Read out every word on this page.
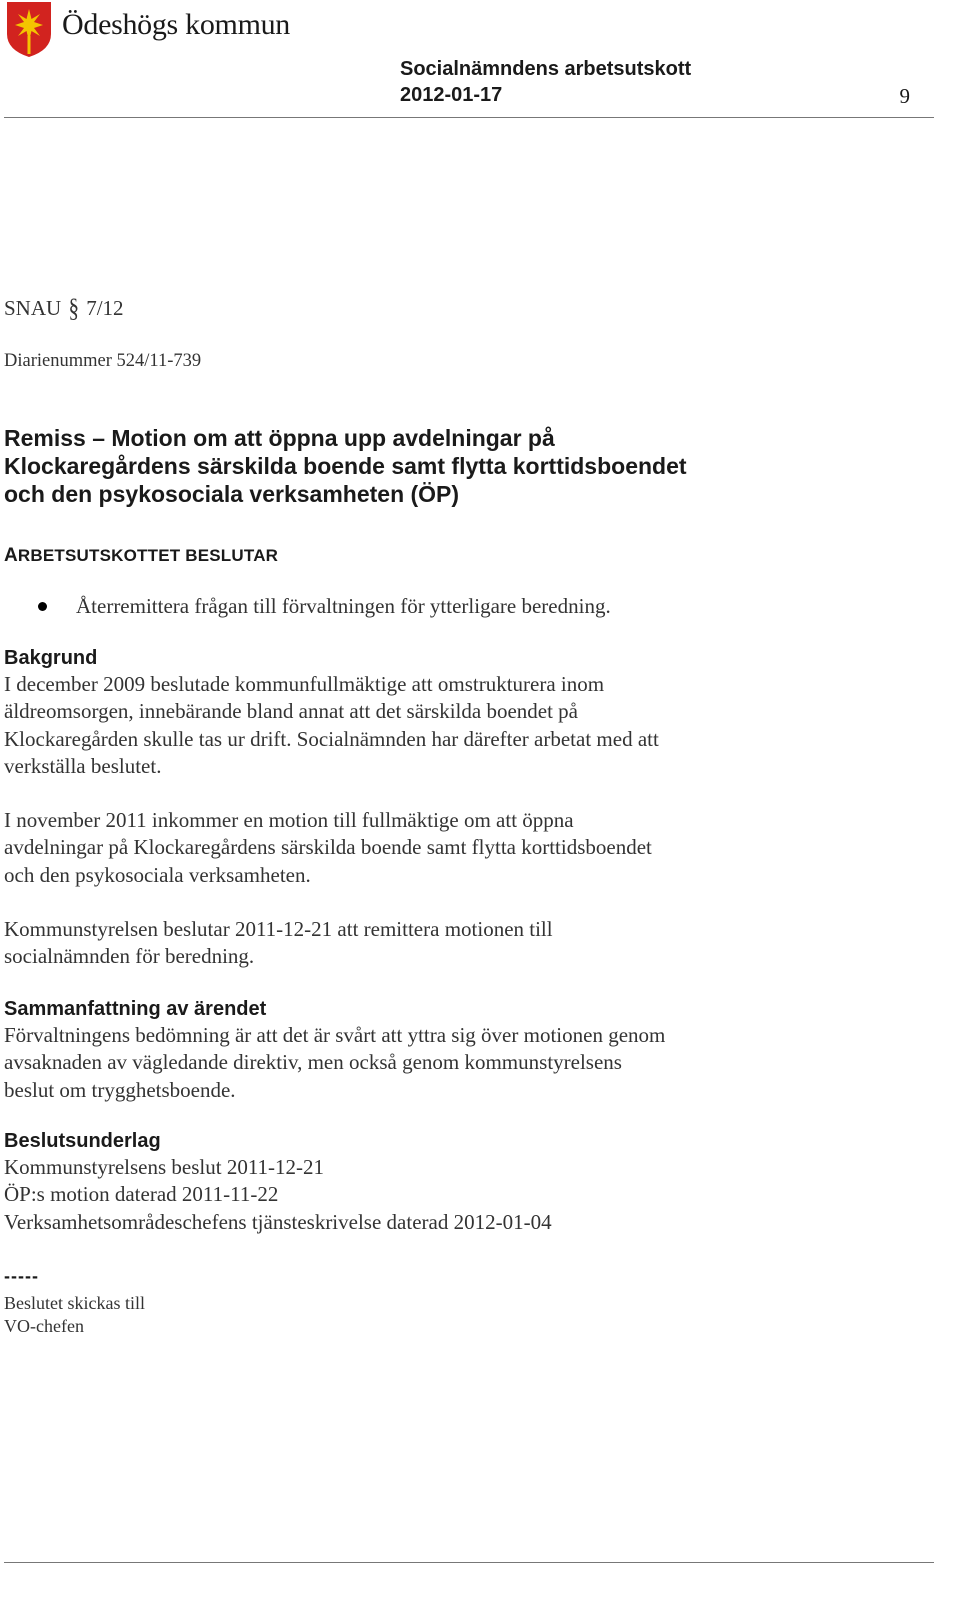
Ödeshögs kommun
Socialnämndens arbetsutskott
2012-01-17	9
SNAU § 7/12
Diarienummer 524/11-739
Remiss – Motion om att öppna upp avdelningar på
Klockaregårdens särskilda boende samt flytta korttidsboendet
och den psykosociala verksamheten (ÖP)
ARBETSUTSKOTTET BESLUTAR
Återremittera frågan till förvaltningen för ytterligare beredning.
Bakgrund
I december 2009 beslutade kommunfullmäktige att omstrukturera inom
äldreomsorgen, innebärande bland annat att det särskilda boendet på
Klockaregården skulle tas ur drift. Socialnämnden har därefter arbetat med att
verkställa beslutet.
I november 2011 inkommer en motion till fullmäktige om att öppna
avdelningar på Klockaregårdens särskilda boende samt flytta korttidsboendet
och den psykosociala verksamheten.
Kommunstyrelsen beslutar 2011-12-21 att remittera motionen till
socialnämnden för beredning.
Sammanfattning av ärendet
Förvaltningens bedömning är att det är svårt att yttra sig över motionen genom
avsaknaden av vägledande direktiv, men också genom kommunstyrelsens
beslut om trygghetsboende.
Beslutsunderlag
Kommunstyrelsens beslut 2011-12-21
ÖP:s motion daterad 2011-11-22
Verksamhetsområdeschefens tjänsteskrivelse daterad 2012-01-04
-----
Beslutet skickas till
VO-chefen
